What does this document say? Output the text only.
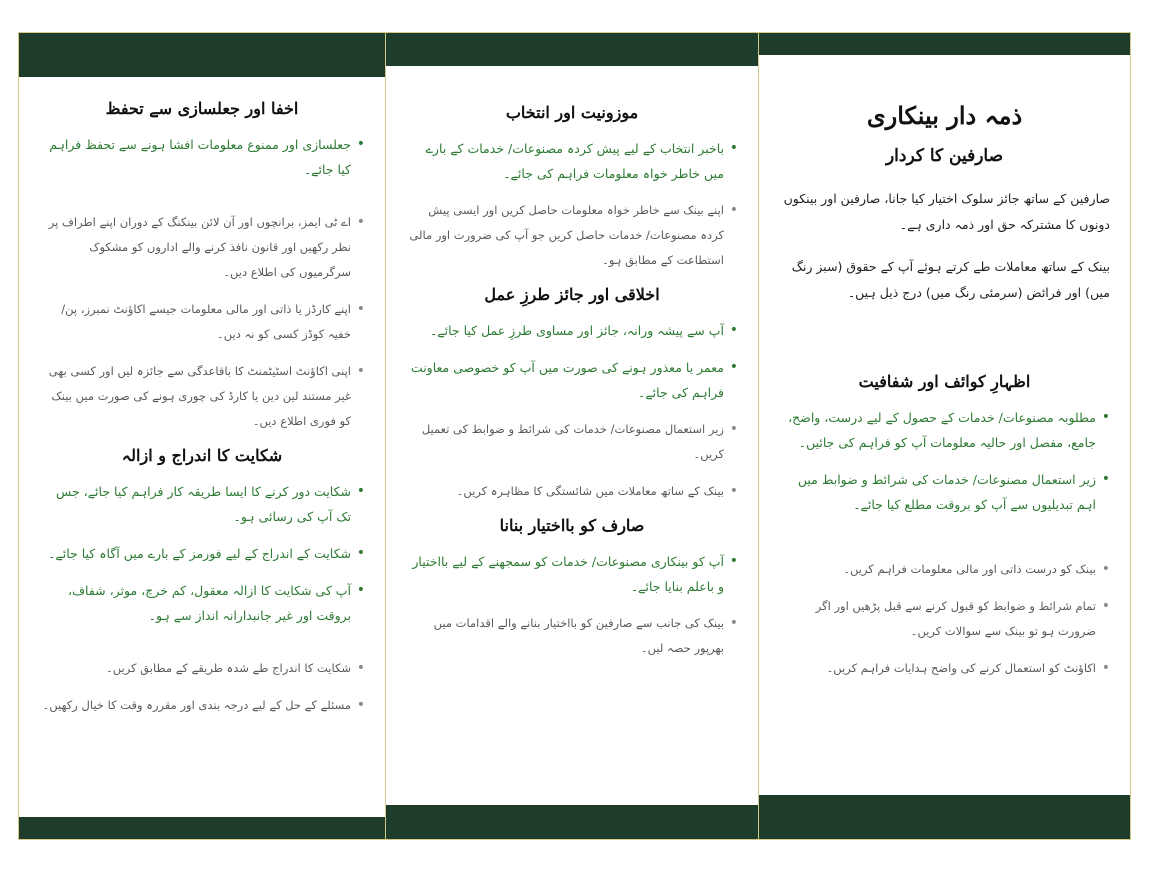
اخفا اور جعلسازی سے تحفظ
• جعلسازی اور ممنوع معلومات افشا ہونے سے تحفظ فراہم کیا جائے۔
• اے ٹی ایمز، برانچوں اور آن لائن بینکنگ کے دوران اپنے اطراف پر نظر رکھیں اور قانون نافذ کرنے والے اداروں کو مشکوک سرگرمیوں کی اطلاع دیں۔
• اپنے کارڈز یا ذاتی اور مالی معلومات جیسے اکاؤنٹ نمبرز، پن/ خفیہ کوڈز کسی کو نہ دیں۔
• اپنی اکاؤنٹ اسٹیٹمنٹ کا باقاعدگی سے جائزہ لیں اور کسی بھی غیر مستند لین دین یا کارڈ کی چوری ہونے کی صورت میں بینک کو فوری اطلاع دیں۔
شکایت کا اندراج و ازالہ
• شکایت دور کرنے کا ایسا طریقہ کار فراہم کیا جائے، جس تک آپ کی رسائی ہو۔
• شکایت کے اندراج کے لیے فورمز کے بارے میں آگاہ کیا جائے۔
• آپ کی شکایت کا ازالہ معقول، کم خرچ، موثر، شفاف، بروقت اور غیر جانبدارانہ انداز سے ہو۔
• شکایت کا اندراج طے شدہ طریقے کے مطابق کریں۔
• مسئلے کے حل کے لیے درجہ بندی اور مقررہ وقت کا خیال رکھیں۔
موزونیت اور انتخاب
• باخبر انتخاب کے لیے پیش کردہ مصنوعات/ خدمات کے بارے میں خاطر خواہ معلومات فراہم کی جائے۔
• اپنے بینک سے خاطر خواہ معلومات حاصل کریں اور ایسی پیش کردہ مصنوعات/ خدمات حاصل کریں جو آپ کی ضرورت اور مالی استطاعت کے مطابق ہو۔
اخلاقی اور جائز طرزِ عمل
• آپ سے پیشہ ورانہ، جائز اور مساوی طرزِ عمل کیا جائے۔
• معمر یا معذور ہونے کی صورت میں آپ کو خصوصی معاونت فراہم کی جائے۔
• زیر استعمال مصنوعات/ خدمات کی شرائط و ضوابط کی تعمیل کریں۔
• بینک کے ساتھ معاملات میں شائستگی کا مظاہرہ کریں۔
صارف کو بااختیار بنانا
• آپ کو بینکاری مصنوعات/ خدمات کو سمجھنے کے لیے بااختیار و باعلم بنایا جائے۔
• بینک کی جانب سے صارفین کو بااختیار بنانے والے اقدامات میں بھرپور حصہ لیں۔
ذمہ دار بینکاری
صارفین کا کردار

صارفین کے ساتھ جائز سلوک اختیار کیا جانا، صارفین اور بینکوں دونوں کا مشترکہ حق اور ذمہ داری ہے۔

بینک کے ساتھ معاملات طے کرتے ہوئے آپ کے حقوق (سبز رنگ میں) اور فرائض (سرمئی رنگ میں) درج ذیل ہیں۔

اظہارِ کوائف اور شفافیت
• مطلوبہ مصنوعات/ خدمات کے حصول کے لیے درست، واضح، جامع، مفصل اور حالیہ معلومات آپ کو فراہم کی جائیں۔
• زیر استعمال مصنوعات/ خدمات کی شرائط و ضوابط میں اہم تبدیلیوں سے آپ کو بروقت مطلع کیا جائے۔
• بینک کو درست ذاتی اور مالی معلومات فراہم کریں۔
• تمام شرائط و ضوابط کو قبول کرنے سے قبل پڑھیں اور اگر ضرورت ہو تو بینک سے سوالات کریں۔
• اکاؤنٹ کو استعمال کرنے کی واضح ہدایات فراہم کریں۔
